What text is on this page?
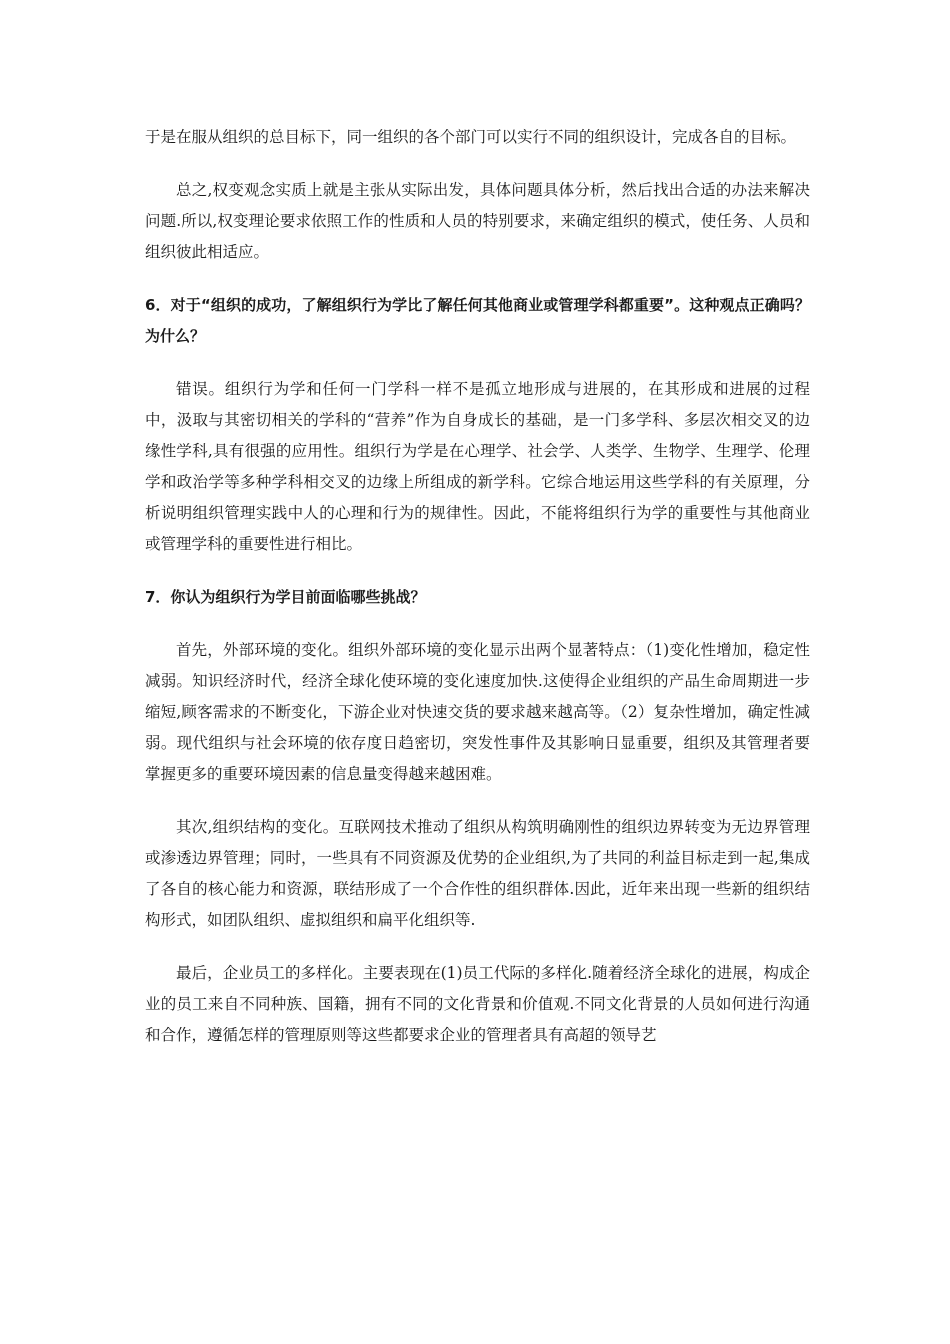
于是在服从组织的总目标下，同一组织的各个部门可以实行不同的组织设计，完成各自的目标。

总之,权变观念实质上就是主张从实际出发，具体问题具体分析，然后找出合适的办法来解决问题.所以,权变理论要求依照工作的性质和人员的特别要求，来确定组织的模式，使任务、人员和组织彼此相适应。

6．对于“组织的成功，了解组织行为学比了解任何其他商业或管理学科都重要”。这种观点正确吗？为什么？

错误。组织行为学和任何一门学科一样不是孤立地形成与进展的，在其形成和进展的过程中，汲取与其密切相关的学科的“营养”作为自身成长的基础，是一门多学科、多层次相交叉的边缘性学科,具有很强的应用性。组织行为学是在心理学、社会学、人类学、生物学、生理学、伦理学和政治学等多种学科相交叉的边缘上所组成的新学科。它综合地运用这些学科的有关原理，分析说明组织管理实践中人的心理和行为的规律性。因此，不能将组织行为学的重要性与其他商业或管理学科的重要性进行相比。

7．你认为组织行为学目前面临哪些挑战？

首先，外部环境的变化。组织外部环境的变化显示出两个显著特点：（1)变化性增加，稳定性减弱。知识经济时代，经济全球化使环境的变化速度加快.这使得企业组织的产品生命周期进一步缩短,顾客需求的不断变化，下游企业对快速交货的要求越来越高等。（2）复杂性增加，确定性减弱。现代组织与社会环境的依存度日趋密切，突发性事件及其影响日显重要，组织及其管理者要掌握更多的重要环境因素的信息量变得越来越困难。

其次,组织结构的变化。互联网技术推动了组织从构筑明确刚性的组织边界转变为无边界管理或渗透边界管理；同时，一些具有不同资源及优势的企业组织,为了共同的利益目标走到一起,集成了各自的核心能力和资源，联结形成了一个合作性的组织群体.因此，近年来出现一些新的组织结构形式，如团队组织、虚拟组织和扁平化组织等.

最后，企业员工的多样化。主要表现在(1)员工代际的多样化.随着经济全球化的进展，构成企业的员工来自不同种族、国籍，拥有不同的文化背景和价值观.不同文化背景的人员如何进行沟通和合作，遵循怎样的管理原则等这些都要求企业的管理者具有高超的领导艺
